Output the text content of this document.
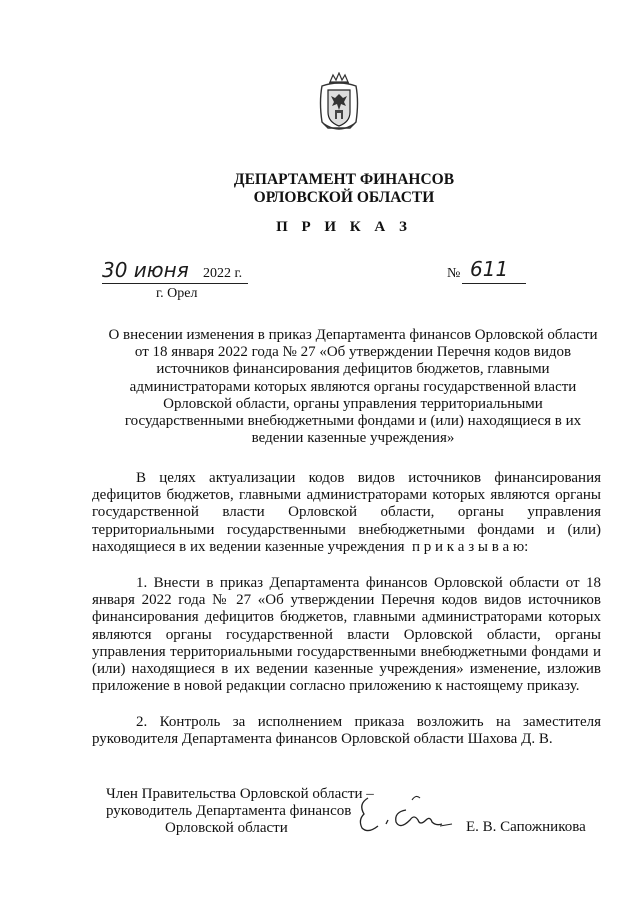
ДЕПАРТАМЕНТ ФИНАНСОВ
ОРЛОВСКОЙ ОБЛАСТИ
П Р И К А З
30 июня 2022 г.	№ 611
г. Орел
О внесении изменения в приказ Департамента финансов Орловской области от 18 января 2022 года № 27 «Об утверждении Перечня кодов видов источников финансирования дефицитов бюджетов, главными администраторами которых являются органы государственной власти Орловской области, органы управления территориальными государственными внебюджетными фондами и (или) находящиеся в их ведении казенные учреждения»

В целях актуализации кодов видов источников финансирования дефицитов бюджетов, главными администраторами которых являются органы государственной власти Орловской области, органы управления территориальными государственными внебюджетными фондами и (или) находящиеся в их ведении казенные учреждения п р и к а з ы в а ю:

1. Внести в приказ Департамента финансов Орловской области от 18 января 2022 года № 27 «Об утверждении Перечня кодов видов источников финансирования дефицитов бюджетов, главными администраторами которых являются органы государственной власти Орловской области, органы управления территориальными государственными внебюджетными фондами и (или) находящиеся в их ведении казенные учреждения» изменение, изложив приложение в новой редакции согласно приложению к настоящему приказу.

2. Контроль за исполнением приказа возложить на заместителя руководителя Департамента финансов Орловской области Шахова Д. В.

Член Правительства Орловской области –
руководитель Департамента финансов
Орловской области	Е. В. Сапожникова
